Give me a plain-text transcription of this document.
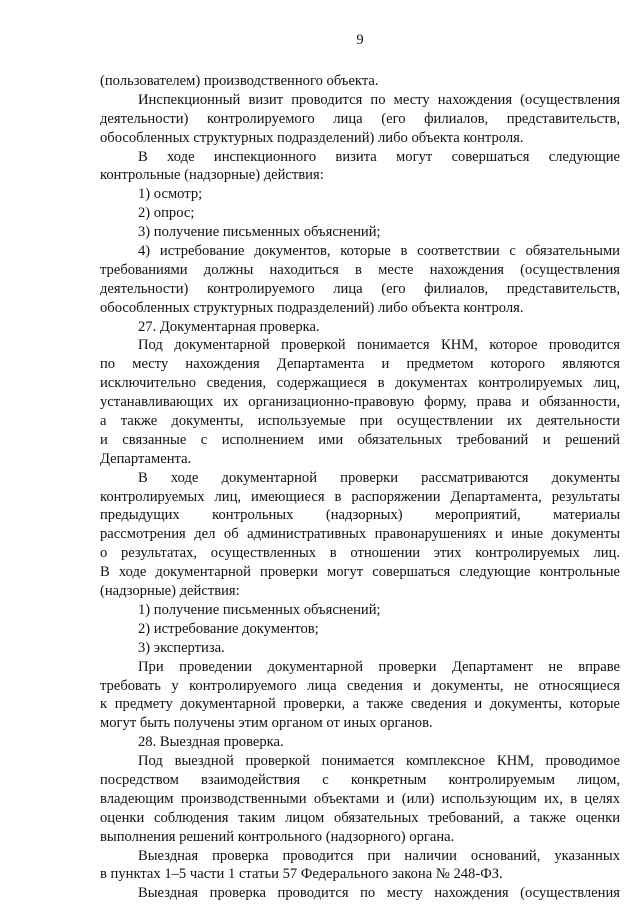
9
(пользователем) производственного объекта.
Инспекционный визит проводится по месту нахождения (осуществления
деятельности) контролируемого лица (его филиалов, представительств,
обособленных структурных подразделений) либо объекта контроля.
В ходе инспекционного визита могут совершаться следующие
контрольные (надзорные) действия:
1) осмотр;
2) опрос;
3) получение письменных объяснений;
4) истребование документов, которые в соответствии с обязательными
требованиями должны находиться в месте нахождения (осуществления
деятельности) контролируемого лица (его филиалов, представительств,
обособленных структурных подразделений) либо объекта контроля.
27. Документарная проверка.
Под документарной проверкой понимается КНМ, которое проводится
по месту нахождения Департамента и предметом которого являются
исключительно сведения, содержащиеся в документах контролируемых лиц,
устанавливающих их организационно-правовую форму, права и обязанности,
а также документы, используемые при осуществлении их деятельности
и связанные с исполнением ими обязательных требований и решений
Департамента.
В ходе документарной проверки рассматриваются документы
контролируемых лиц, имеющиеся в распоряжении Департамента, результаты
предыдущих контрольных (надзорных) мероприятий, материалы
рассмотрения дел об административных правонарушениях и иные документы
о результатах, осуществленных в отношении этих контролируемых лиц.
В ходе документарной проверки могут совершаться следующие контрольные
(надзорные) действия:
1) получение письменных объяснений;
2) истребование документов;
3) экспертиза.
При проведении документарной проверки Департамент не вправе
требовать у контролируемого лица сведения и документы, не относящиеся
к предмету документарной проверки, а также сведения и документы, которые
могут быть получены этим органом от иных органов.
28. Выездная проверка.
Под выездной проверкой понимается комплексное КНМ, проводимое
посредством взаимодействия с конкретным контролируемым лицом,
владеющим производственными объектами и (или) использующим их, в целях
оценки соблюдения таким лицом обязательных требований, а также оценки
выполнения решений контрольного (надзорного) органа.
Выездная проверка проводится при наличии оснований, указанных
в пунктах 1–5 части 1 статьи 57 Федерального закона № 248-ФЗ.
Выездная проверка проводится по месту нахождения (осуществления
